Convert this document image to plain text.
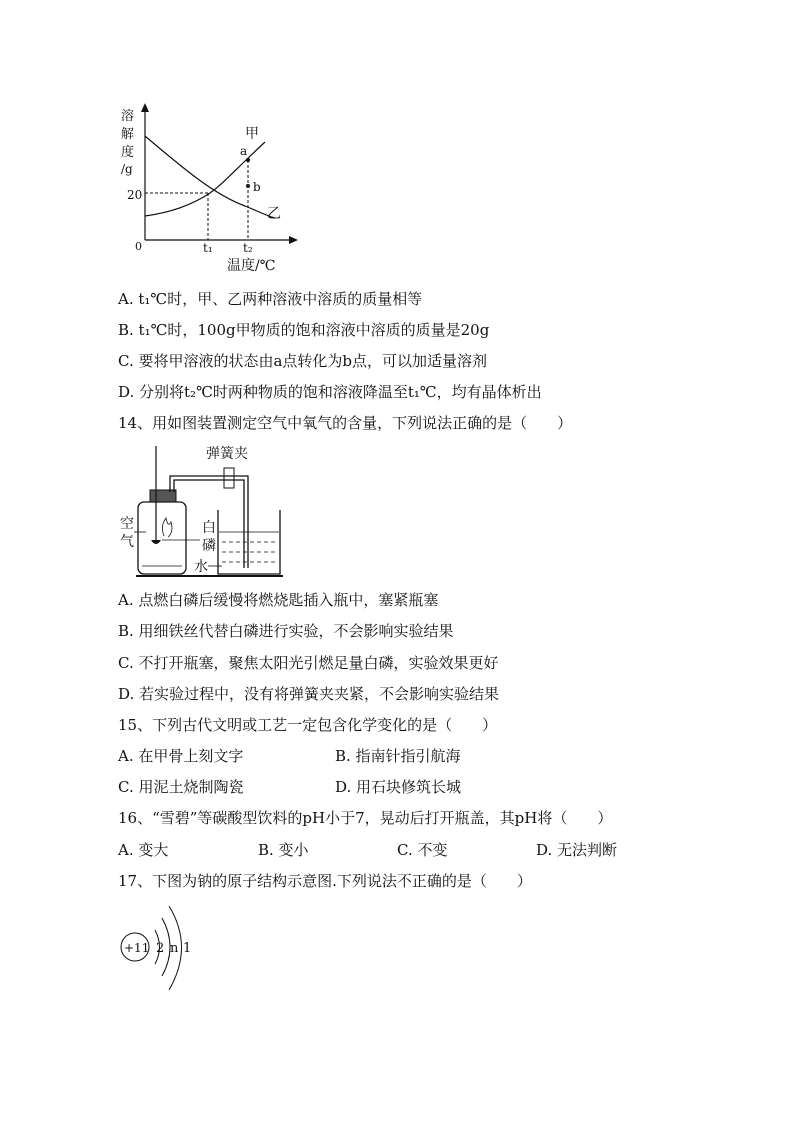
溶
解
度
/g
20
0
a
b
甲
乙
t₁	t₂
温度/℃
A. t₁℃时，甲、乙两种溶液中溶质的质量相等
B. t₁℃时，100g甲物质的饱和溶液中溶质的质量是20g
C. 要将甲溶液的状态由a点转化为b点，可以加适量溶剂
D. 分别将t₂℃时两种物质的饱和溶液降温至t₁℃，均有晶体析出
14、用如图装置测定空气中氧气的含量，下列说法正确的是（　　）
弹簧夹
空
气
白
磷
水
A. 点燃白磷后缓慢将燃烧匙插入瓶中，塞紧瓶塞
B. 用细铁丝代替白磷进行实验，不会影响实验结果
C. 不打开瓶塞，聚焦太阳光引燃足量白磷，实验效果更好
D. 若实验过程中，没有将弹簧夹夹紧，不会影响实验结果
15、下列古代文明或工艺一定包含化学变化的是（　　）
A. 在甲骨上刻文字	B. 指南针指引航海
C. 用泥土烧制陶瓷	D. 用石块修筑长城
16、“雪碧”等碳酸型饮料的pH小于7，晃动后打开瓶盖，其pH将（　　）
A. 变大	B. 变小	C. 不变	D. 无法判断
17、下图为钠的原子结构示意图.下列说法不正确的是（　　）
+11 2 n 1
